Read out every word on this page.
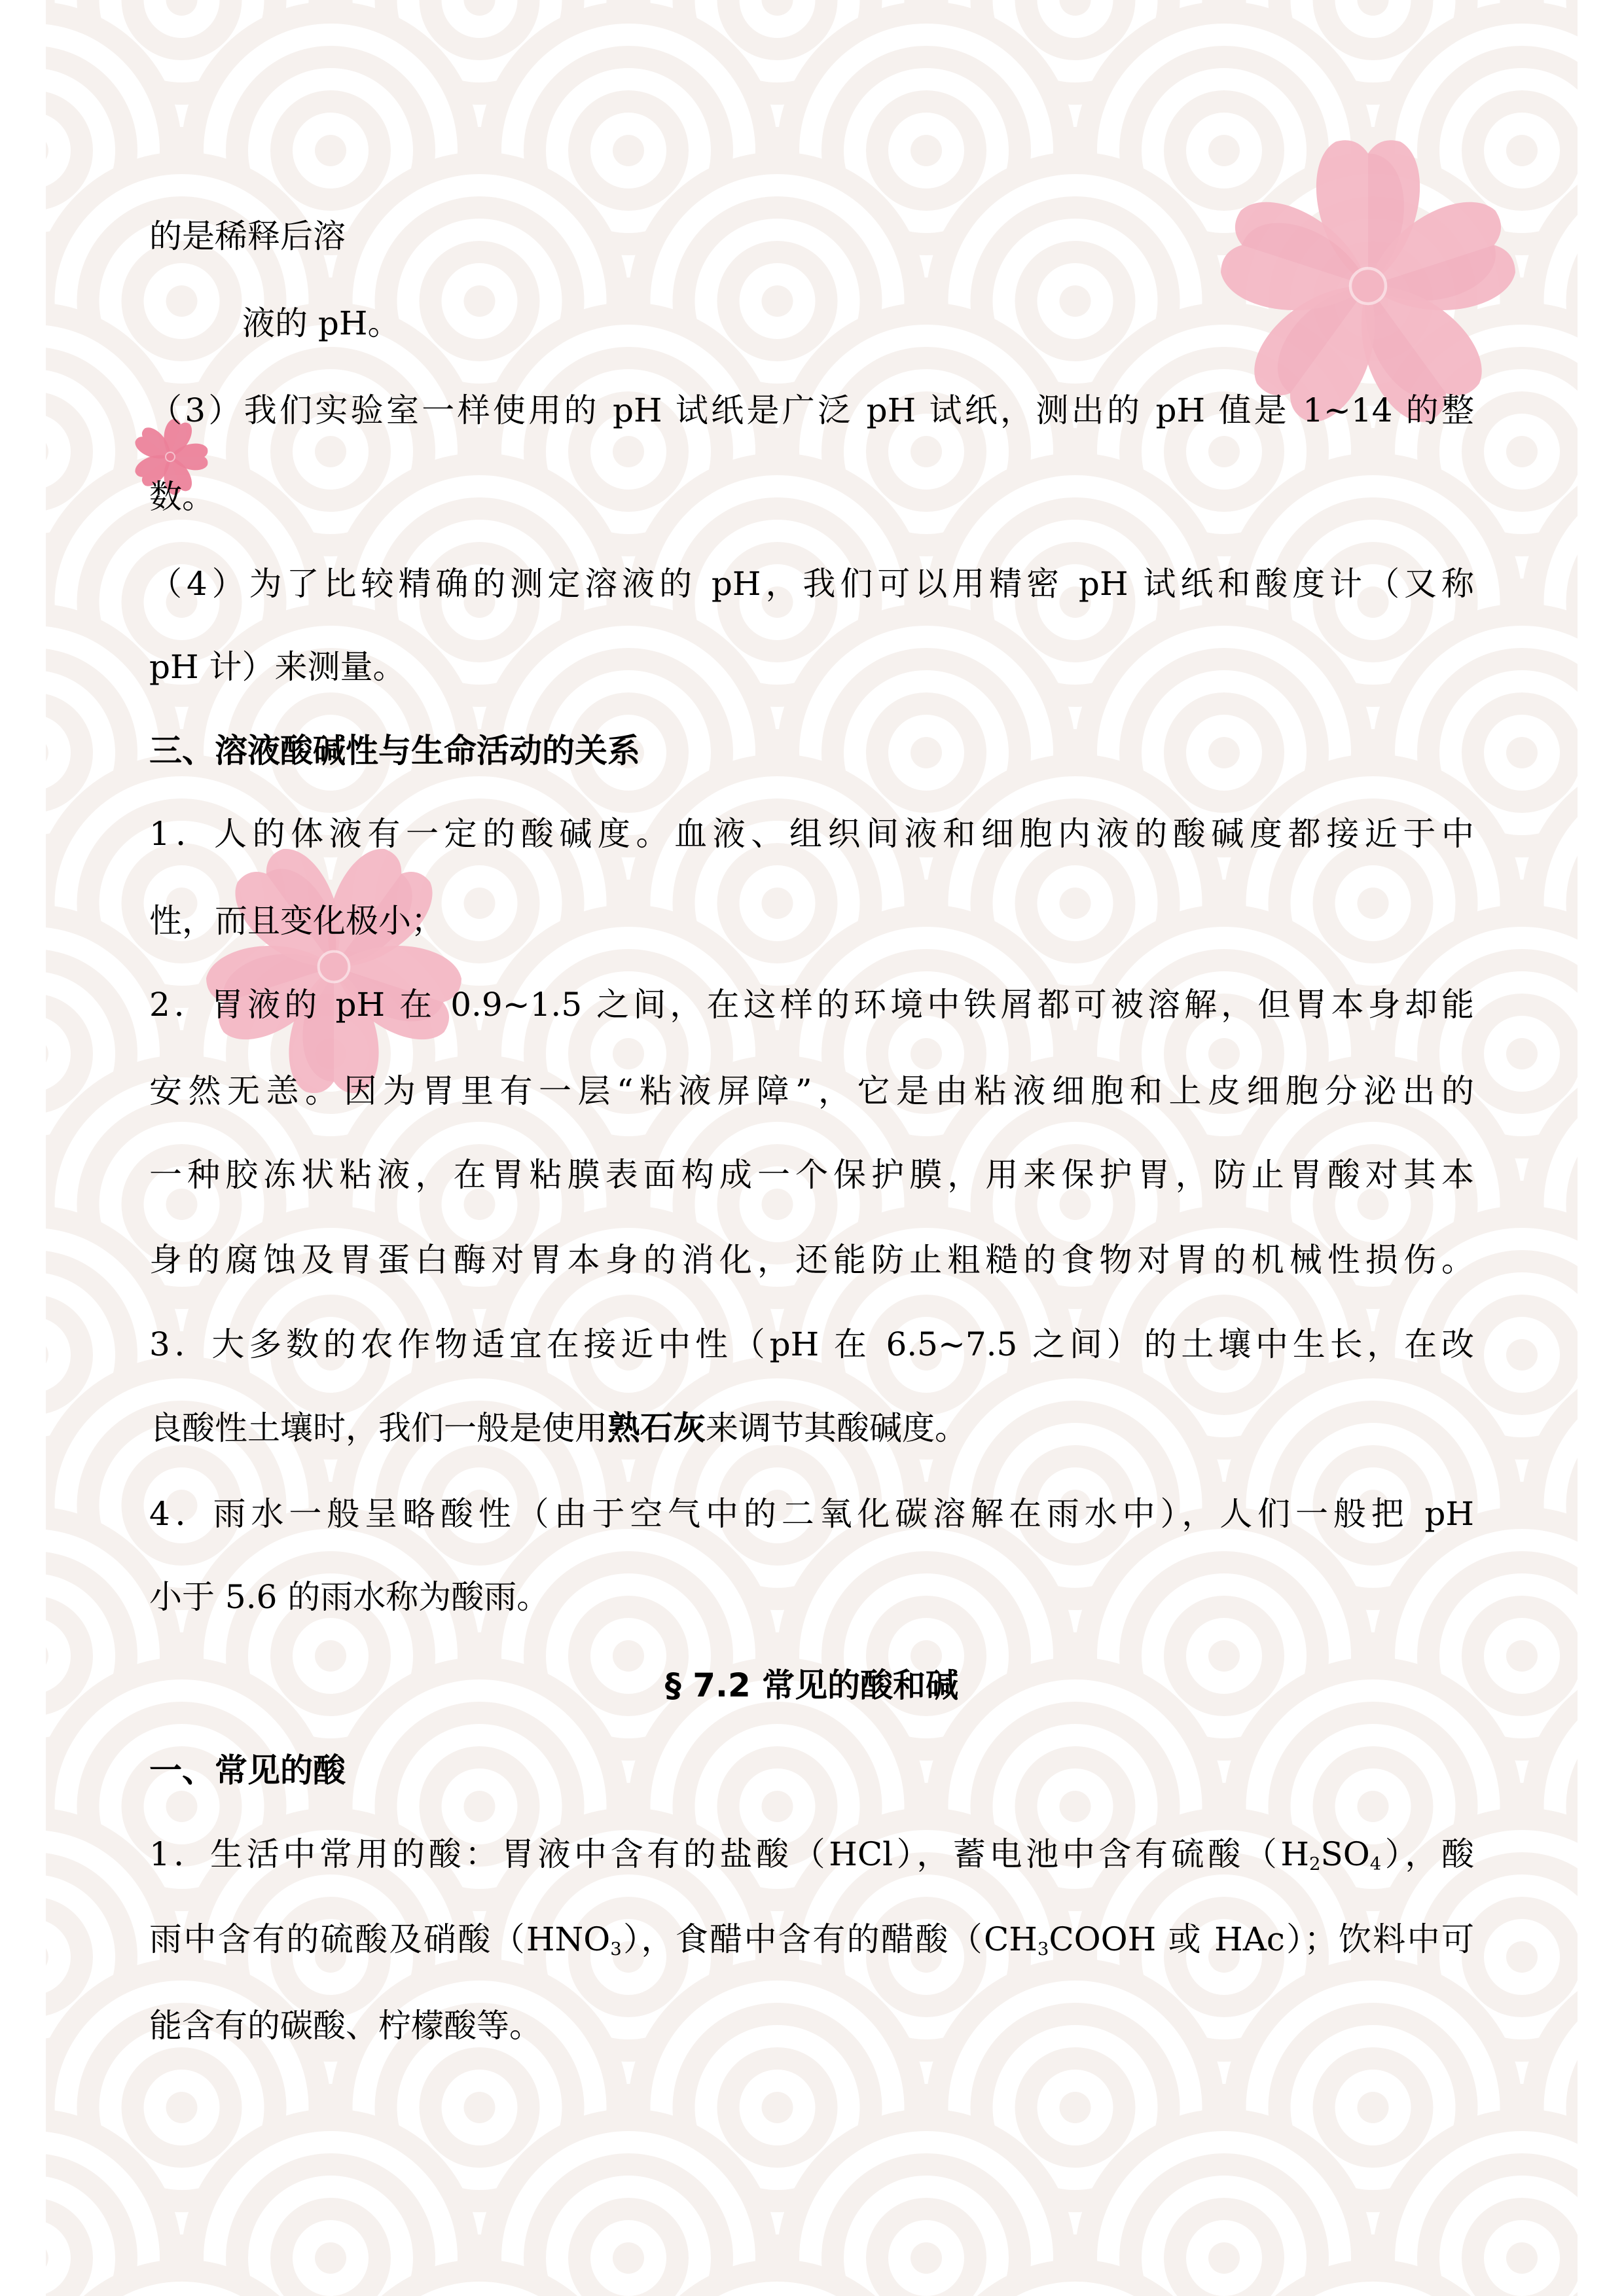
的是稀释后溶
液的 pH。
（3）我们实验室一样使用的 pH 试纸是广泛 pH 试纸，测出的 pH 值是 1~14 的整
数。
（4）为了比较精确的测定溶液的 pH，我们可以用精密 pH 试纸和酸度计（又称
pH 计）来测量。
三、溶液酸碱性与生命活动的关系
1．人的体液有一定的酸碱度。血液、组织间液和细胞内液的酸碱度都接近于中
性，而且变化极小；
2．胃液的 pH 在 0.9~1.5 之间，在这样的环境中铁屑都可被溶解，但胃本身却能
安然无恙。因为胃里有一层“粘液屏障”，它是由粘液细胞和上皮细胞分泌出的
一种胶冻状粘液，在胃粘膜表面构成一个保护膜，用来保护胃，防止胃酸对其本
身的腐蚀及胃蛋白酶对胃本身的消化，还能防止粗糙的食物对胃的机械性损伤。
3．大多数的农作物适宜在接近中性（pH 在 6.5~7.5 之间）的土壤中生长，在改
良酸性土壤时，我们一般是使用熟石灰来调节其酸碱度。
4．雨水一般呈略酸性（由于空气中的二氧化碳溶解在雨水中），人们一般把 pH
小于 5.6 的雨水称为酸雨。
§ 7.2 常见的酸和碱
一、常见的酸
1．生活中常用的酸：胃液中含有的盐酸（HCl），蓄电池中含有硫酸$(H_2SO_4)$，酸
雨中含有的硫酸及硝酸$(HNO_3)$，食醋中含有的醋酸（$CH_3COOH$ 或 HAc）；饮料中可
能含有的碳酸、柠檬酸等。
